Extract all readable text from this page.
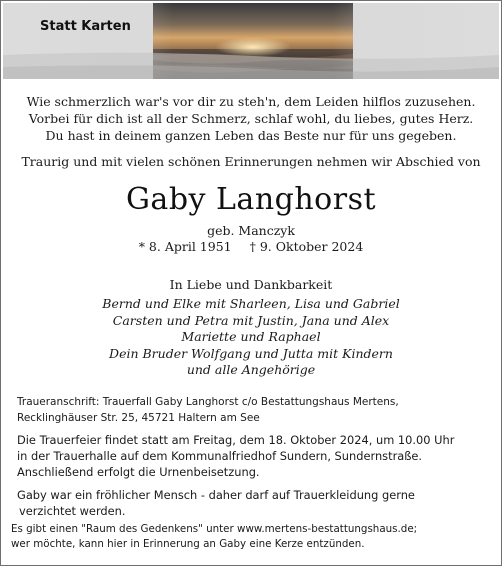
Statt Karten
Wie schmerzlich war's vor dir zu steh'n, dem Leiden hilflos zuzusehen.
Vorbei für dich ist all der Schmerz, schlaf wohl, du liebes, gutes Herz.
Du hast in deinem ganzen Leben das Beste nur für uns gegeben.
Traurig und mit vielen schönen Erinnerungen nehmen wir Abschied von
Gaby Langhorst
geb. Manczyk
* 8. April 1951 † 9. Oktober 2024
In Liebe und Dankbarkeit
Bernd und Elke mit Sharleen, Lisa und Gabriel
Carsten und Petra mit Justin, Jana und Alex
Mariette und Raphael
Dein Bruder Wolfgang und Jutta mit Kindern
und alle Angehörige
Traueranschrift: Trauerfall Gaby Langhorst c/o Bestattungshaus Mertens,
Recklinghäuser Str. 25, 45721 Haltern am See
Die Trauerfeier findet statt am Freitag, dem 18. Oktober 2024, um 10.00 Uhr
in der Trauerhalle auf dem Kommunalfriedhof Sundern, Sundernstraße.
Anschließend erfolgt die Urnenbeisetzung.
Gaby war ein fröhlicher Mensch - daher darf auf Trauerkleidung gerne
verzichtet werden.
Es gibt einen "Raum des Gedenkens" unter www.mertens-bestattungshaus.de;
wer möchte, kann hier in Erinnerung an Gaby eine Kerze entzünden.
